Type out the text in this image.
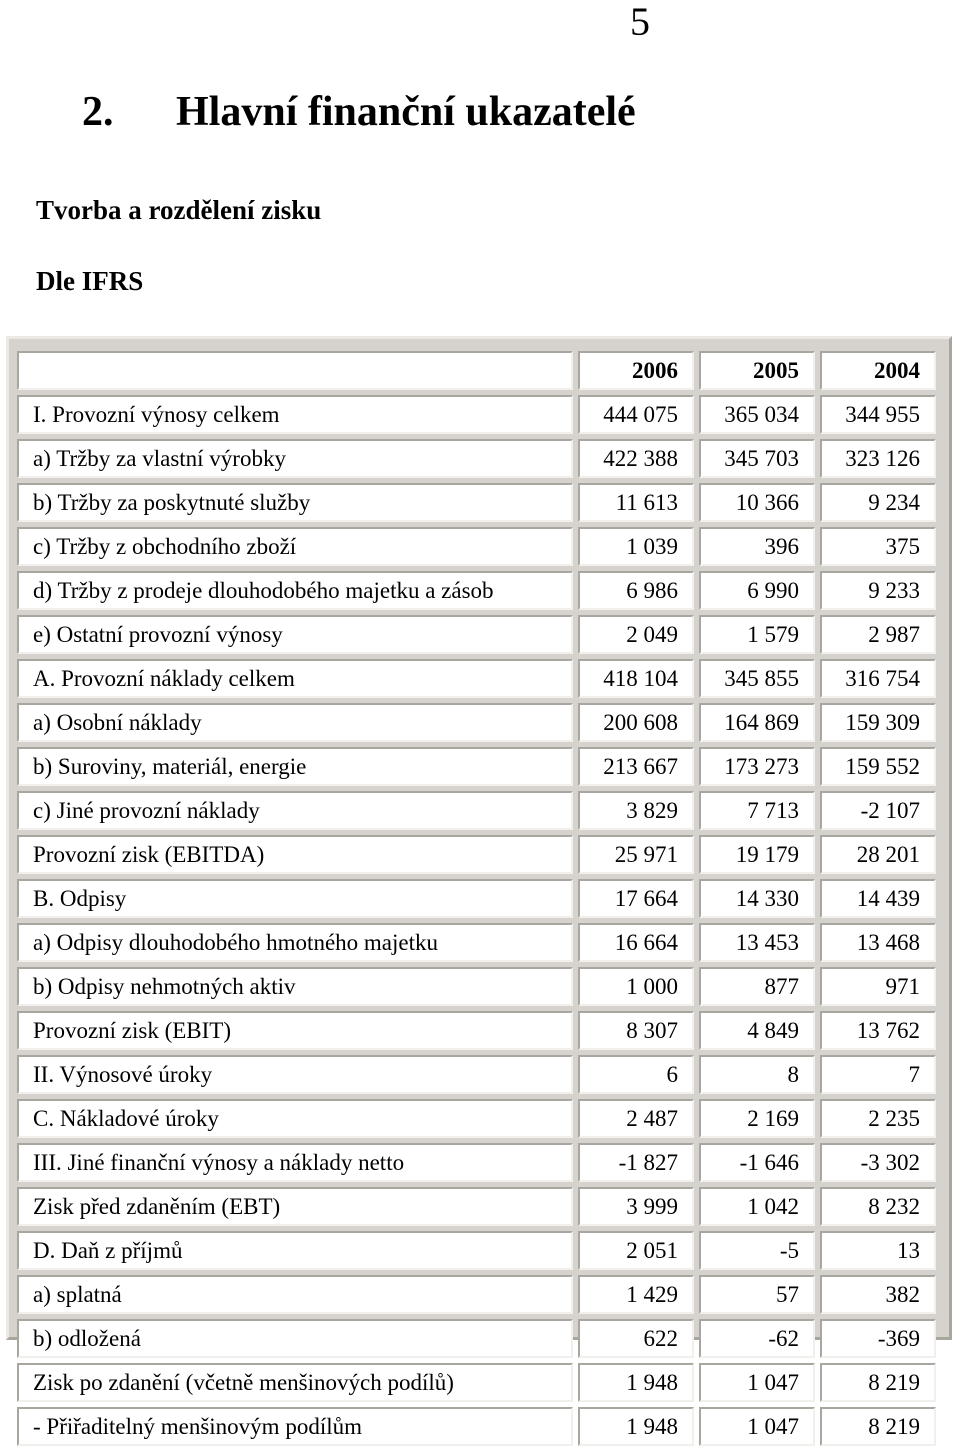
5
2. Hlavní finanční ukazatelé
Tvorba a rozdělení zisku
Dle IFRS
	2006	2005	2004
I. Provozní výnosy celkem	444 075	365 034	344 955
a) Tržby za vlastní výrobky	422 388	345 703	323 126
b) Tržby za poskytnuté služby	11 613	10 366	9 234
c) Tržby z obchodního zboží	1 039	396	375
d) Tržby z prodeje dlouhodobého majetku a zásob	6 986	6 990	9 233
e) Ostatní provozní výnosy	2 049	1 579	2 987
A. Provozní náklady celkem	418 104	345 855	316 754
a) Osobní náklady	200 608	164 869	159 309
b) Suroviny, materiál, energie	213 667	173 273	159 552
c) Jiné provozní náklady	3 829	7 713	-2 107
Provozní zisk (EBITDA)	25 971	19 179	28 201
B. Odpisy	17 664	14 330	14 439
a) Odpisy dlouhodobého hmotného majetku	16 664	13 453	13 468
b) Odpisy nehmotných aktiv	1 000	877	971
Provozní zisk (EBIT)	8 307	4 849	13 762
II. Výnosové úroky	6	8	7
C. Nákladové úroky	2 487	2 169	2 235
III. Jiné finanční výnosy a náklady netto	-1 827	-1 646	-3 302
Zisk před zdaněním (EBT)	3 999	1 042	8 232
D. Daň z příjmů	2 051	-5	13
a) splatná	1 429	57	382
b) odložená	622	-62	-369
Zisk po zdanění (včetně menšinových podílů)	1 948	1 047	8 219
- Přiřaditelný menšinovým podílům	1 948	1 047	8 219
